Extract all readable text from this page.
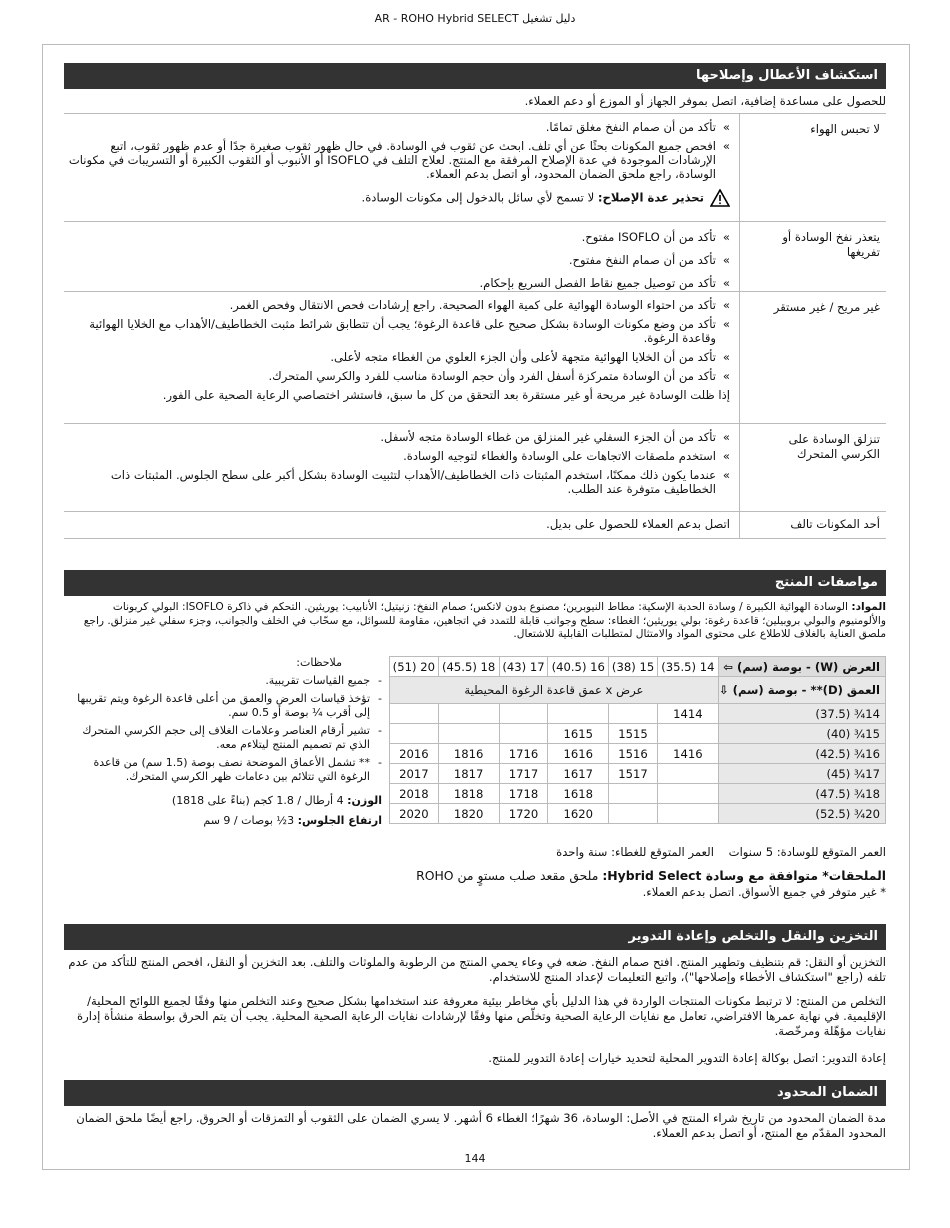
AR - ROHO Hybrid SELECT دليل تشغيل
استكشاف الأعطال وإصلاحها
للحصول على مساعدة إضافية، اتصل بموفر الجهاز أو الموزع أو دعم العملاء.
لا تحبس الهواء
» تأكد من أن صمام النفخ مغلق تمامًا.
» افحص جميع المكونات بحثًا عن أي تلف. ابحث عن ثقوب في الوسادة. في حال ظهور ثقوب صغيرة جدًا أو عدم ظهور ثقوب، اتبع الإرشادات الموجودة في عدة الإصلاح المرفقة مع المنتج. لعلاج التلف في ISOFLO أو الأنبوب أو الثقوب الكبيرة أو التسريبات في مكونات الوسادة، راجع ملحق الضمان المحدود، أو اتصل بدعم العملاء.
تحذير عدة الإصلاح: لا تسمح لأي سائل بالدخول إلى مكونات الوسادة.
يتعذر نفخ الوسادة أو تفريغها
» تأكد من أن ISOFLO مفتوح.
» تأكد من أن صمام النفخ مفتوح.
» تأكد من توصيل جميع نقاط الفصل السريع بإحكام.
غير مريح / غير مستقر
» تأكد من احتواء الوسادة الهوائية على كمية الهواء الصحيحة. راجع إرشادات فحص الانتقال وفحص الغمر.
» تأكد من وضع مكونات الوسادة بشكل صحيح على قاعدة الرغوة؛ يجب أن تتطابق شرائط مثبت الخطاطيف/الأهداب مع الخلايا الهوائية وقاعدة الرغوة.
» تأكد من أن الخلايا الهوائية متجهة لأعلى وأن الجزء العلوي من الغطاء متجه لأعلى.
» تأكد من أن الوسادة متمركزة أسفل الفرد وأن حجم الوسادة مناسب للفرد والكرسي المتحرك.
إذا ظلت الوسادة غير مريحة أو غير مستقرة بعد التحقق من كل ما سبق، فاستشر اختصاصي الرعاية الصحية على الفور.
تنزلق الوسادة على الكرسي المتحرك
» تأكد من أن الجزء السفلي غير المنزلق من غطاء الوسادة متجه لأسفل.
» استخدم ملصقات الاتجاهات على الوسادة والغطاء لتوجيه الوسادة.
» عندما يكون ذلك ممكنًا، استخدم المثبتات ذات الخطاطيف/الأهداب لتثبيت الوسادة بشكل أكبر على سطح الجلوس. المثبتات ذات الخطاطيف متوفرة عند الطلب.
أحد المكونات تالف
اتصل بدعم العملاء للحصول على بديل.
مواصفات المنتج
المواد: الوسادة الهوائية الكبيرة / وسادة الحدبة الإسكية: مطاط النيوبرين؛ مصنوع بدون لاتكس؛ صمام النفخ: زنيتيل؛ الأنابيب: يوريثين. التحكم في ذاكرة ISOFLO: البولي كربونات والألومنيوم والبولي بروبيلين؛ قاعدة رغوة: بولي يوريثين؛ الغطاء: سطح وجوانب قابلة للتمدد في اتجاهين، مقاومة للسوائل، مع سحّاب في الخلف والجوانب، وجزء سفلي غير منزلق. راجع ملصق العناية بالغلاف للاطلاع على محتوى المواد والامتثال لمتطلبات القابلية للاشتعال.
العرض (W) - بوصة (سم) ⇦	14 (35.5)	15 (38)	16 (40.5)	17 (43)	18 (45.5)	20 (51)
العمق (D)** - بوصة (سم) ⇩	عرض x عمق قاعدة الرغوة المحيطية					
14¾ (37.5)	1414					
15¾ (40)		1515	1615			
16¾ (42.5)	1416	1516	1616	1716	1816	2016
17¾ (45)		1517	1617	1717	1817	2017
18¾ (47.5)			1618	1718	1818	2018
20¾ (52.5)			1620	1720	1820	2020
ملاحظات:
- جميع القياسات تقريبية.
- تؤخذ قياسات العرض والعمق من أعلى قاعدة الرغوة ويتم تقريبها إلى أقرب ¼ بوصة أو 0.5 سم.
- تشير أرقام العناصر وعلامات الغلاف إلى حجم الكرسي المتحرك الذي تم تصميم المنتج ليتلاءم معه.
- ** تشمل الأعماق الموضحة نصف بوصة (1.5 سم) من قاعدة الرغوة التي تتلائم بين دعامات ظهر الكرسي المتحرك.
الوزن: 4 أرطال / 1.8 كجم (بناءً على 1818)
ارتفاع الجلوس: 3½ بوصات / 9 سم
العمر المتوقع للوسادة: 5 سنوات    العمر المتوقع للغطاء: سنة واحدة
الملحقات* متوافقة مع وسادة Hybrid Select: ملحق مقعد صلب مستوٍ من ROHO
* غير متوفر في جميع الأسواق. اتصل بدعم العملاء.
التخزين والنقل والتخلص وإعادة التدوير
التخزين أو النقل: قم بتنظيف وتطهير المنتج. افتح صمام النفخ. ضعه في وعاء يحمي المنتج من الرطوبة والملوثات والتلف. بعد التخزين أو النقل، افحص المنتج للتأكد من عدم تلفه (راجع "استكشاف الأخطاء وإصلاحها")، واتبع التعليمات لإعداد المنتج للاستخدام.
التخلص من المنتج: لا ترتبط مكونات المنتجات الواردة في هذا الدليل بأي مخاطر بيئية معروفة عند استخدامها بشكل صحيح وعند التخلص منها وفقًا لجميع اللوائح المحلية/الإقليمية. في نهاية عمرها الافتراضي، تعامل مع نفايات الرعاية الصحية وتخلّص منها وفقًا لإرشادات نفايات الرعاية الصحية المحلية. يجب أن يتم الحرق بواسطة منشأة إدارة نفايات مؤهّلة ومرخّصة.
إعادة التدوير: اتصل بوكالة إعادة التدوير المحلية لتحديد خيارات إعادة التدوير للمنتج.
الضمان المحدود
مدة الضمان المحدود من تاريخ شراء المنتج في الأصل: الوسادة، 36 شهرًا؛ الغطاء 6 أشهر. لا يسري الضمان على الثقوب أو التمزقات أو الحروق. راجع أيضًا ملحق الضمان المحدود المقدّم مع المنتج، أو اتصل بدعم العملاء.
144
